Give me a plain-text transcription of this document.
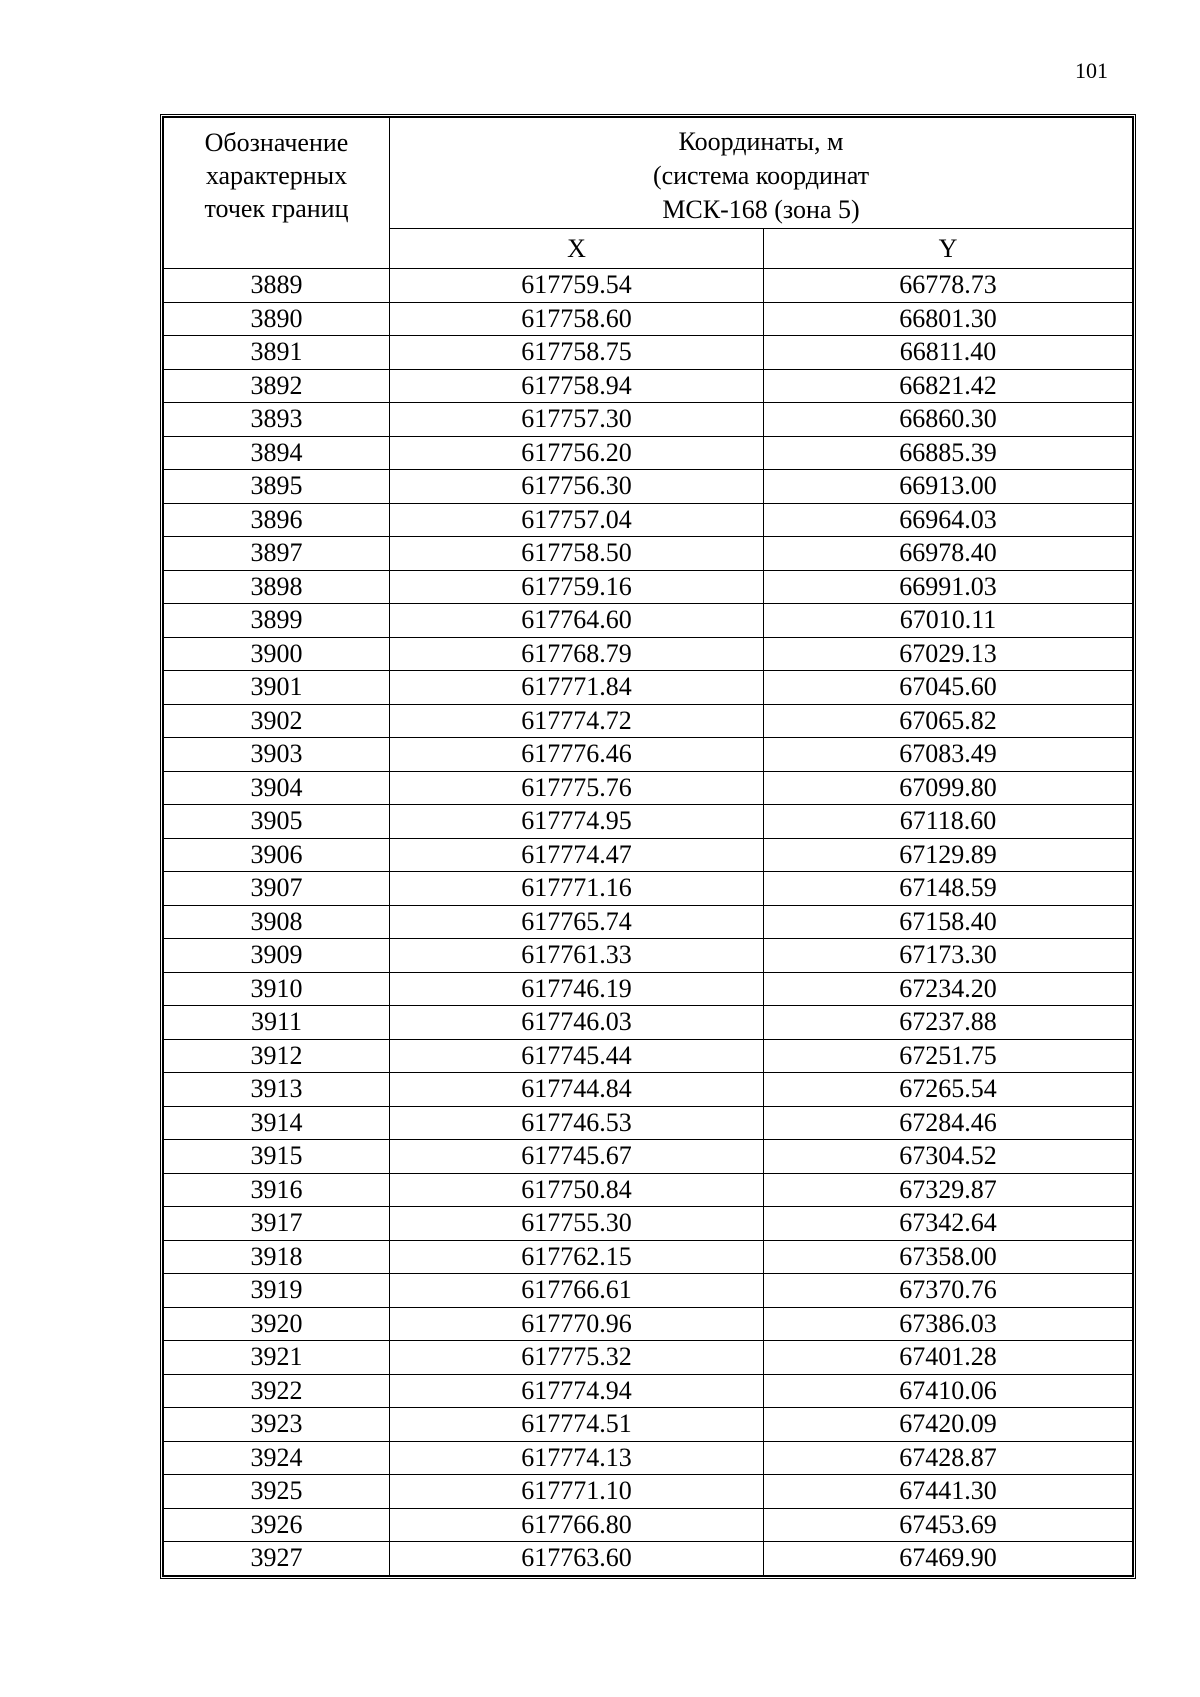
101
Обозначение
характерных
точек границ	Координаты, м
(система координат
МСК-168 (зона 5)	

	X	Y
3889	617759.54	66778.73
3890	617758.60	66801.30
3891	617758.75	66811.40
3892	617758.94	66821.42
3893	617757.30	66860.30
3894	617756.20	66885.39
3895	617756.30	66913.00
3896	617757.04	66964.03
3897	617758.50	66978.40
3898	617759.16	66991.03
3899	617764.60	67010.11
3900	617768.79	67029.13
3901	617771.84	67045.60
3902	617774.72	67065.82
3903	617776.46	67083.49
3904	617775.76	67099.80
3905	617774.95	67118.60
3906	617774.47	67129.89
3907	617771.16	67148.59
3908	617765.74	67158.40
3909	617761.33	67173.30
3910	617746.19	67234.20
3911	617746.03	67237.88
3912	617745.44	67251.75
3913	617744.84	67265.54
3914	617746.53	67284.46
3915	617745.67	67304.52
3916	617750.84	67329.87
3917	617755.30	67342.64
3918	617762.15	67358.00
3919	617766.61	67370.76
3920	617770.96	67386.03
3921	617775.32	67401.28
3922	617774.94	67410.06
3923	617774.51	67420.09
3924	617774.13	67428.87
3925	617771.10	67441.30
3926	617766.80	67453.69
3927	617763.60	67469.90
